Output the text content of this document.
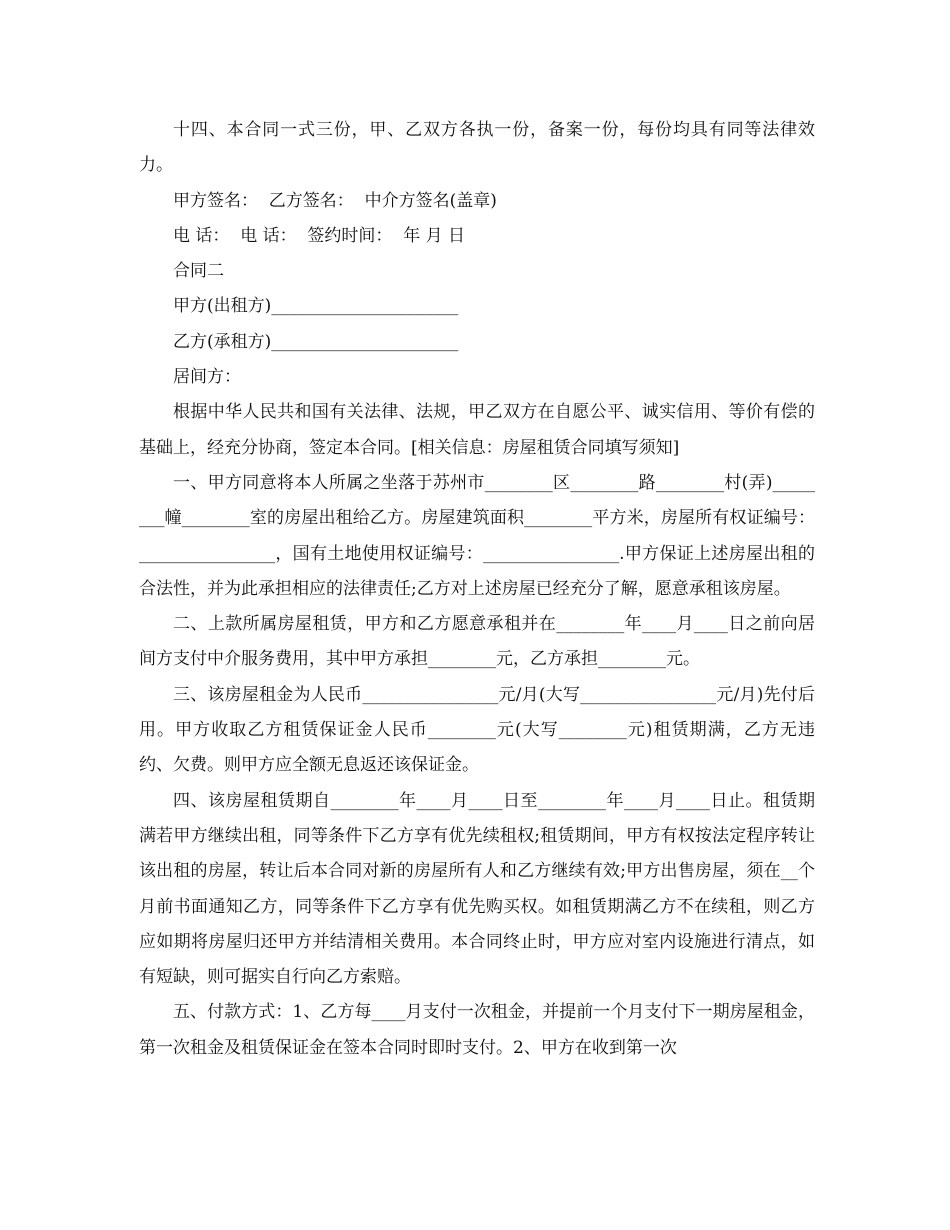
十四、本合同一式三份，甲、乙双方各执一份，备案一份，每份均具有同等法律效力。

甲方签名：  乙方签名：  中介方签名(盖章)

电 话：  电 话：  签约时间：  年 月 日

合同二

甲方(出租方)______________________

乙方(承租方)______________________

居间方：

根据中华人民共和国有关法律、法规，甲乙双方在自愿公平、诚实信用、等价有偿的基础上，经充分协商，签定本合同。[相关信息：房屋租赁合同填写须知]

一、甲方同意将本人所属之坐落于苏州市________区________路________村(弄)________幢________室的房屋出租给乙方。房屋建筑面积________平方米，房屋所有权证编号：________________，国有土地使用权证编号：________________.甲方保证上述房屋出租的合法性，并为此承担相应的法律责任;乙方对上述房屋已经充分了解，愿意承租该房屋。

二、上款所属房屋租赁，甲方和乙方愿意承租并在________年____月____日之前向居间方支付中介服务费用，其中甲方承担________元，乙方承担________元。

三、该房屋租金为人民币________________元/月(大写________________元/月)先付后用。甲方收取乙方租赁保证金人民币________元(大写________元)租赁期满，乙方无违约、欠费。则甲方应全额无息返还该保证金。

四、该房屋租赁期自________年____月____日至________年____月____日止。租赁期满若甲方继续出租，同等条件下乙方享有优先续租权;租赁期间，甲方有权按法定程序转让该出租的房屋，转让后本合同对新的房屋所有人和乙方继续有效;甲方出售房屋，须在__个月前书面通知乙方，同等条件下乙方享有优先购买权。如租赁期满乙方不在续租，则乙方应如期将房屋归还甲方并结清相关费用。本合同终止时，甲方应对室内设施进行清点，如有短缺，则可据实自行向乙方索赔。

五、付款方式：1、乙方每____月支付一次租金，并提前一个月支付下一期房屋租金，第一次租金及租赁保证金在签本合同时即时支付。2、甲方在收到第一次
